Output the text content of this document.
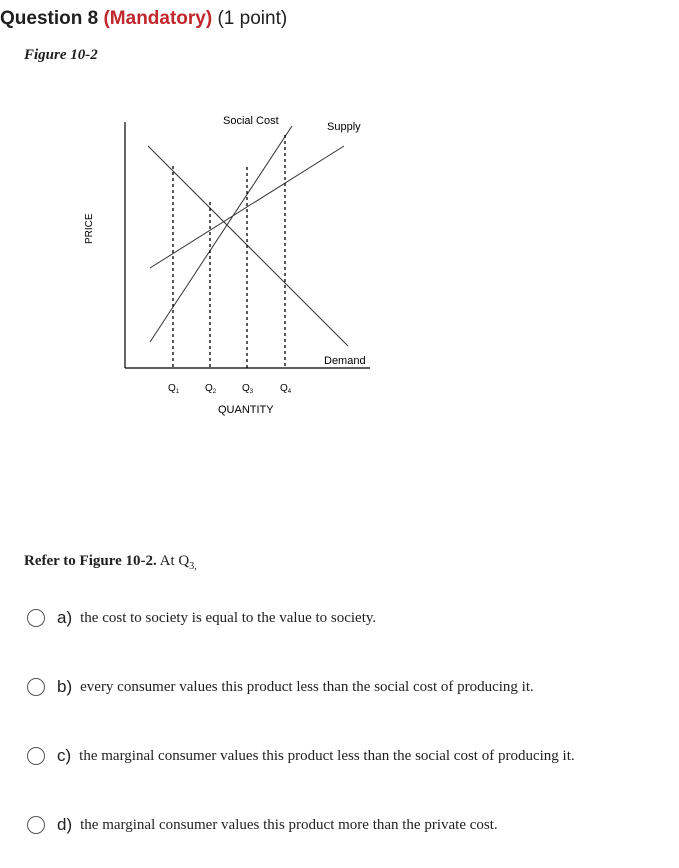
Question 8 (Mandatory) (1 point)
Figure 10-2
Social Cost	Supply
Demand
PRICE
QUANTITY
$Q_1$	$Q_2$	$Q_3$	$Q_4$
Refer to Figure 10-2. At $Q_{3,}$
a) the cost to society is equal to the value to society.
b) every consumer values this product less than the social cost of producing it.
c) the marginal consumer values this product less than the social cost of producing it.
d) the marginal consumer values this product more than the private cost.
